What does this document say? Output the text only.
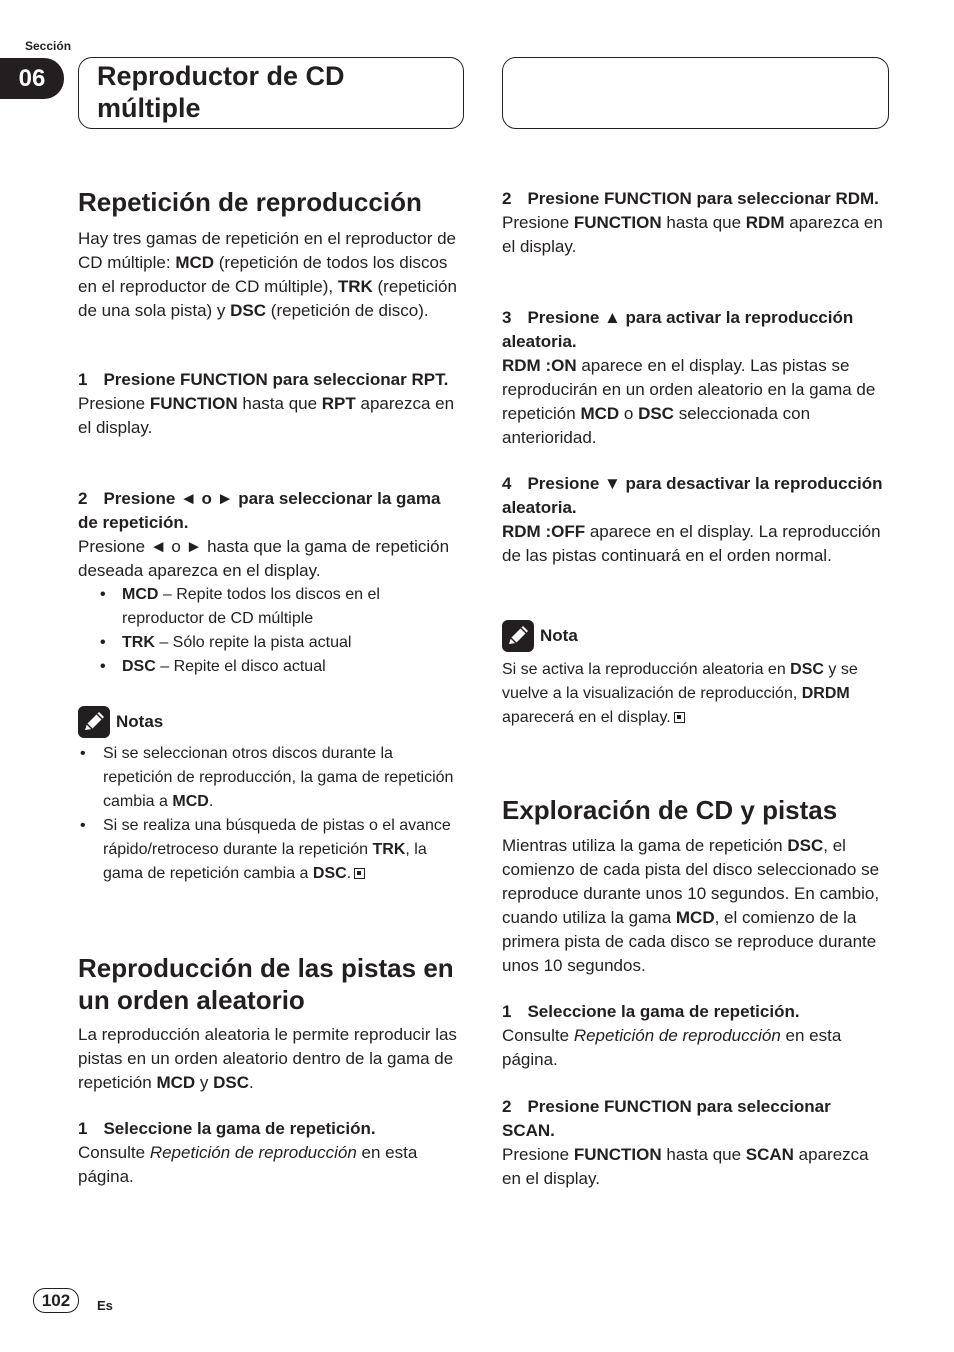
Sección
06	Reproductor de CD
múltiple
Repetición de reproducción

Hay tres gamas de repetición en el reproductor de CD múltiple: MCD (repetición de todos los discos en el reproductor de CD múltiple), TRK (repetición de una sola pista) y DSC (repetición de disco).

1 Presione FUNCTION para seleccionar RPT.

Presione FUNCTION hasta que RPT aparezca en el display.

2 Presione ◄ o ► para seleccionar la gama de repetición.

Presione ◄ o ► hasta que la gama de repetición deseada aparezca en el display.

• MCD – Repite todos los discos en el reproductor de CD múltiple
• TRK – Sólo repite la pista actual
• DSC – Repite el disco actual
Notas
• Si se seleccionan otros discos durante la repetición de reproducción, la gama de repetición cambia a MCD.
• Si se realiza una búsqueda de pistas o el avance rápido/retroceso durante la repetición TRK, la gama de repetición cambia a DSC.
Reproducción de las pistas en un orden aleatorio

La reproducción aleatoria le permite reproducir las pistas en un orden aleatorio dentro de la gama de repetición MCD y DSC.

1 Seleccione la gama de repetición.

Consulte Repetición de reproducción en esta página.

2 Presione FUNCTION para seleccionar RDM.

Presione FUNCTION hasta que RDM aparezca en el display.

3 Presione ▲ para activar la reproducción aleatoria.

RDM :ON aparece en el display. Las pistas se reproducirán en un orden aleatorio en la gama de repetición MCD o DSC seleccionada con anterioridad.

4 Presione ▼ para desactivar la reproducción aleatoria.

RDM :OFF aparece en el display. La reproducción de las pistas continuará en el orden normal.

Nota

Si se activa la reproducción aleatoria en DSC y se vuelve a la visualización de reproducción, DRDM aparecerá en el display.

Exploración de CD y pistas

Mientras utiliza la gama de repetición DSC, el comienzo de cada pista del disco seleccionado se reproduce durante unos 10 segundos. En cambio, cuando utiliza la gama MCD, el comienzo de la primera pista de cada disco se reproduce durante unos 10 segundos.

1 Seleccione la gama de repetición.

Consulte Repetición de reproducción en esta página.

2 Presione FUNCTION para seleccionar SCAN.

Presione FUNCTION hasta que SCAN aparezca en el display.

102	Es
